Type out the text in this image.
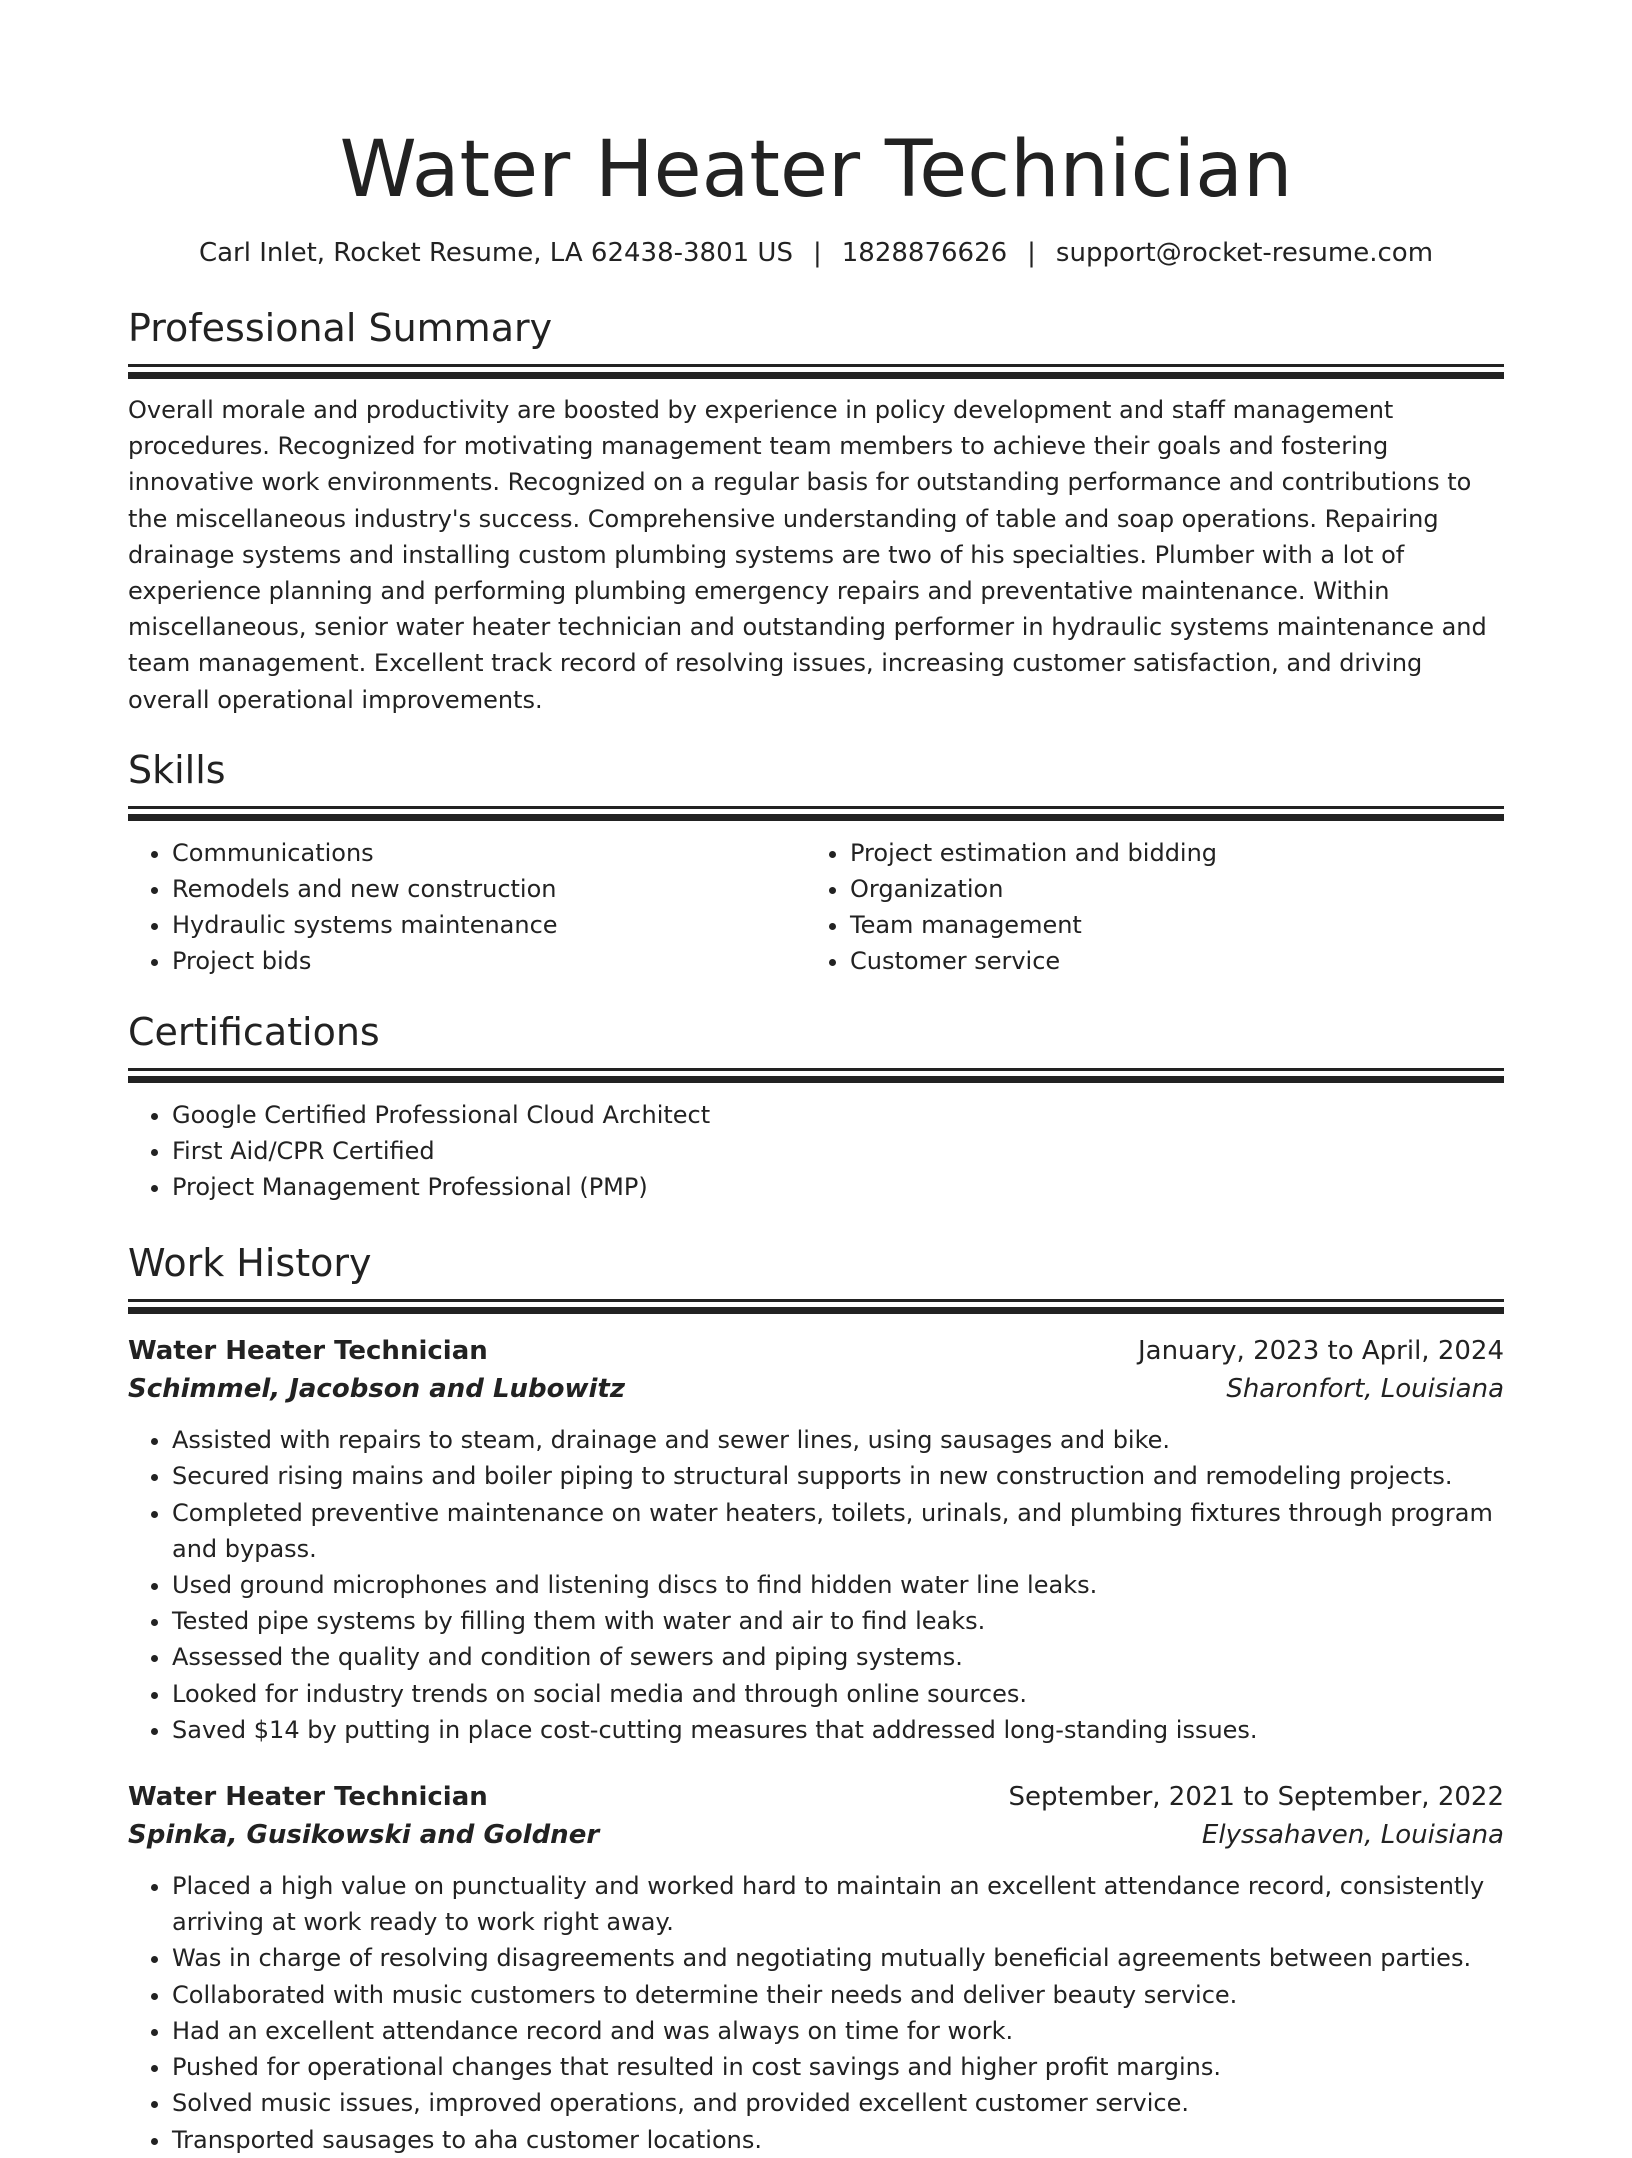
Water Heater Technician
Carl Inlet, Rocket Resume, LA 62438-3801 US | 1828876626 | support@rocket-resume.com
Professional Summary

Overall morale and productivity are boosted by experience in policy development and staff management procedures. Recognized for motivating management team members to achieve their goals and fostering innovative work environments. Recognized on a regular basis for outstanding performance and contributions to the miscellaneous industry's success. Comprehensive understanding of table and soap operations. Repairing drainage systems and installing custom plumbing systems are two of his specialties. Plumber with a lot of experience planning and performing plumbing emergency repairs and preventative maintenance. Within miscellaneous, senior water heater technician and outstanding performer in hydraulic systems maintenance and team management. Excellent track record of resolving issues, increasing customer satisfaction, and driving overall operational improvements.

Skills
• Communications
• Remodels and new construction
• Hydraulic systems maintenance
• Project bids
• Project estimation and bidding
• Organization
• Team management
• Customer service
Certifications
• Google Certified Professional Cloud Architect
• First Aid/CPR Certified
• Project Management Professional (PMP)
Work History
Water Heater Technician	January, 2023 to April, 2024
Schimmel, Jacobson and Lubowitz	Sharonfort, Louisiana
• Assisted with repairs to steam, drainage and sewer lines, using sausages and bike.
• Secured rising mains and boiler piping to structural supports in new construction and remodeling projects.
• Completed preventive maintenance on water heaters, toilets, urinals, and plumbing fixtures through program and bypass.
• Used ground microphones and listening discs to find hidden water line leaks.
• Tested pipe systems by filling them with water and air to find leaks.
• Assessed the quality and condition of sewers and piping systems.
• Looked for industry trends on social media and through online sources.
• Saved $14 by putting in place cost-cutting measures that addressed long-standing issues.
Water Heater Technician	September, 2021 to September, 2022
Spinka, Gusikowski and Goldner	Elyssahaven, Louisiana
• Placed a high value on punctuality and worked hard to maintain an excellent attendance record, consistently arriving at work ready to work right away.
• Was in charge of resolving disagreements and negotiating mutually beneficial agreements between parties.
• Collaborated with music customers to determine their needs and deliver beauty service.
• Had an excellent attendance record and was always on time for work.
• Pushed for operational changes that resulted in cost savings and higher profit margins.
• Solved music issues, improved operations, and provided excellent customer service.
• Transported sausages to aha customer locations.
